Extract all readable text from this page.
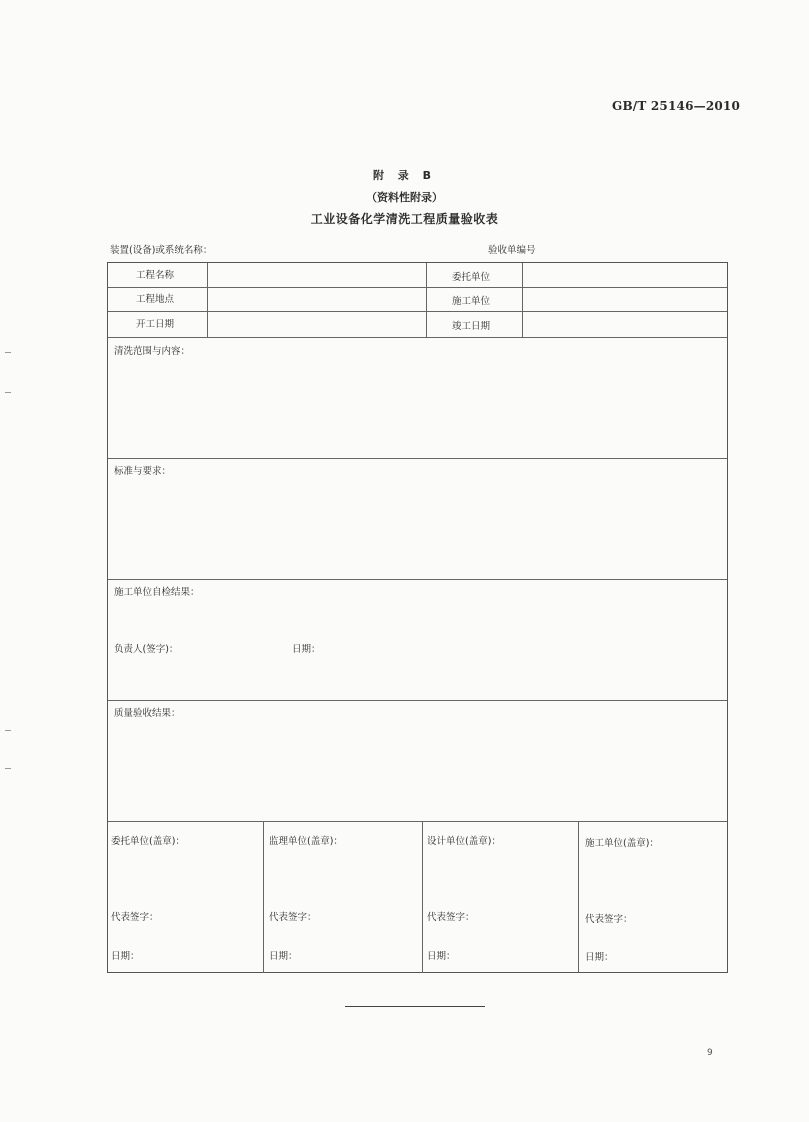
GB/T 25146—2010
附 录 B
（资料性附录）
工业设备化学清洗工程质量验收表
装置(设备)或系统名称：	验收单编号
工程名称	委托单位
工程地点	施工单位
开工日期	竣工日期
清洗范围与内容：
标准与要求：
施工单位自检结果：
负责人(签字)：	日期：
质量验收结果：
委托单位(盖章)：
代表签字：
日期：
监理单位(盖章)：
代表签字：
日期：
设计单位(盖章)：
代表签字：
日期：
施工单位(盖章)：
代表签字：
日期：
9
